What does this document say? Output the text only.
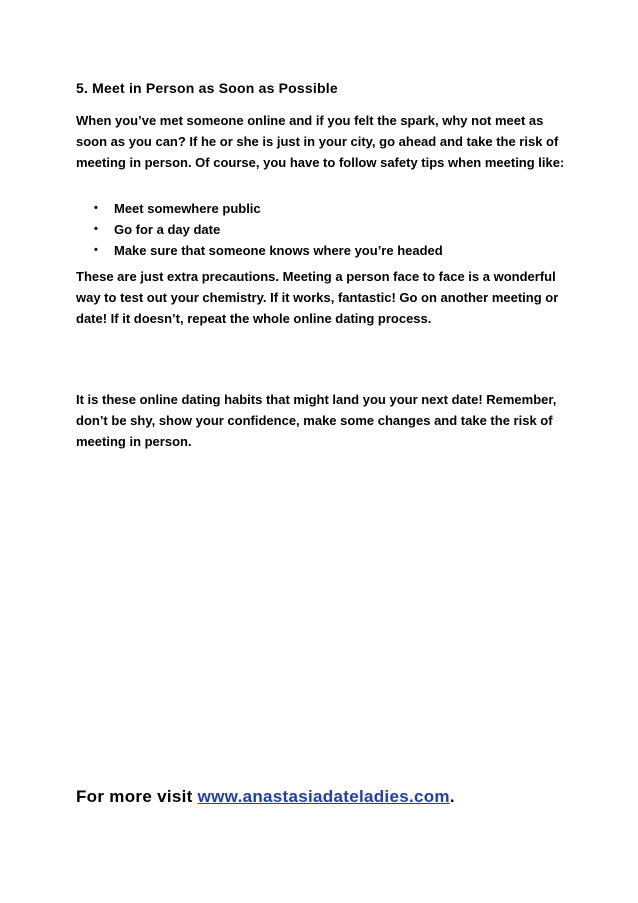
5. Meet in Person as Soon as Possible

When you’ve met someone online and if you felt the spark, why not meet as soon as you can? If he or she is just in your city, go ahead and take the risk of meeting in person. Of course, you have to follow safety tips when meeting like:

• Meet somewhere public
• Go for a day date
• Make sure that someone knows where you’re headed

These are just extra precautions. Meeting a person face to face is a wonderful way to test out your chemistry. If it works, fantastic! Go on another meeting or date! If it doesn’t, repeat the whole online dating process.

It is these online dating habits that might land you your next date! Remember, don’t be shy, show your confidence, make some changes and take the risk of meeting in person.

For more visit www.anastasiadateladies.com.
